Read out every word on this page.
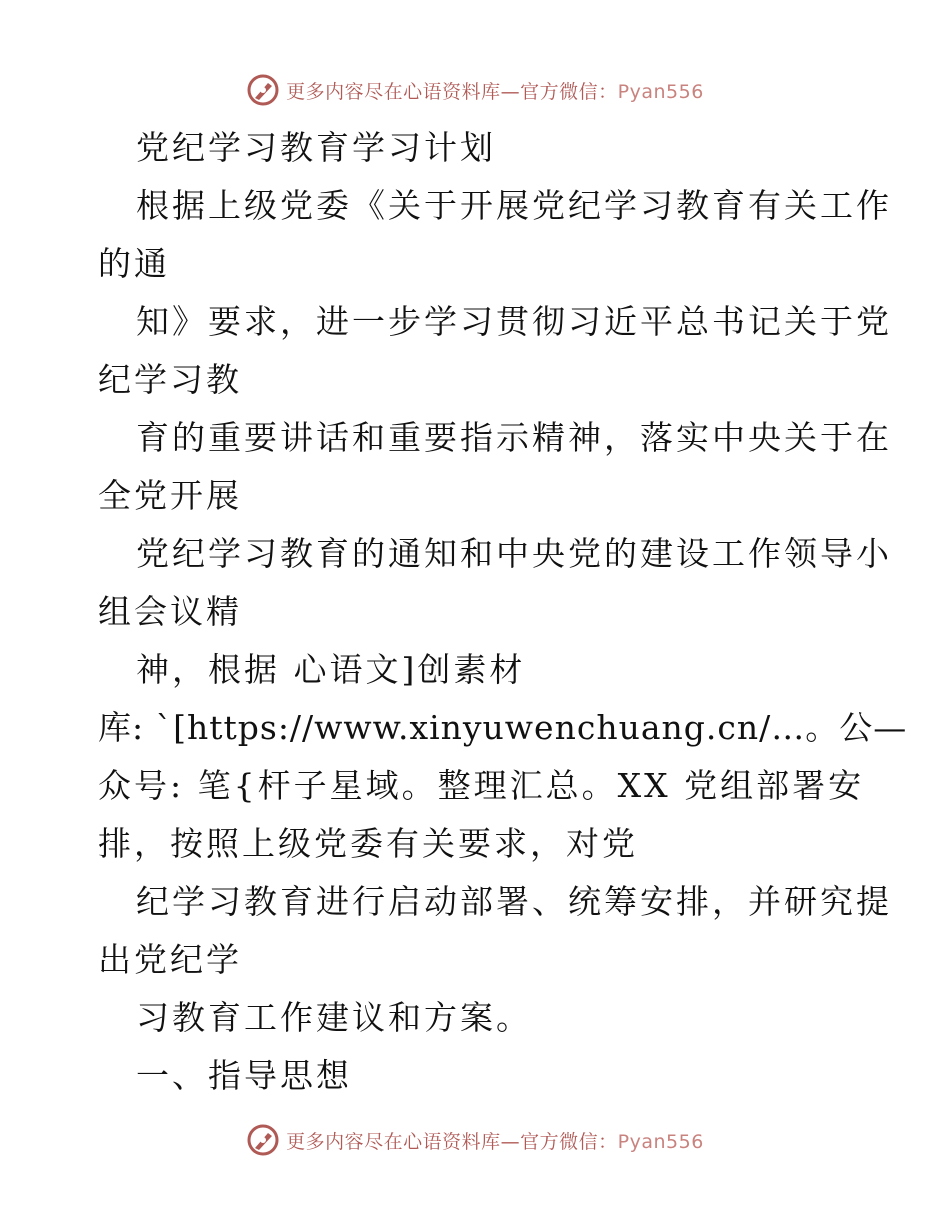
更多内容尽在心语资料库—官方微信：Pyan556
党纪学习教育学习计划
根据上级党委《关于开展党纪学习教育有关工作
的通
知》要求，进一步学习贯彻习近平总书记关于党
纪学习教
育的重要讲话和重要指示精神，落实中央关于在
全党开展
党纪学习教育的通知和中央党的建设工作领导小
组会议精
神，根据 心语文]创素材
库: `[https://www.xinyuwenchuang.cn/…。公—
众号: 笔{杆子星域。整理汇总。XX 党组部署安
排，按照上级党委有关要求，对党
纪学习教育进行启动部署、统筹安排，并研究提
出党纪学
习教育工作建议和方案。
一、指导思想
更多内容尽在心语资料库—官方微信：Pyan556
